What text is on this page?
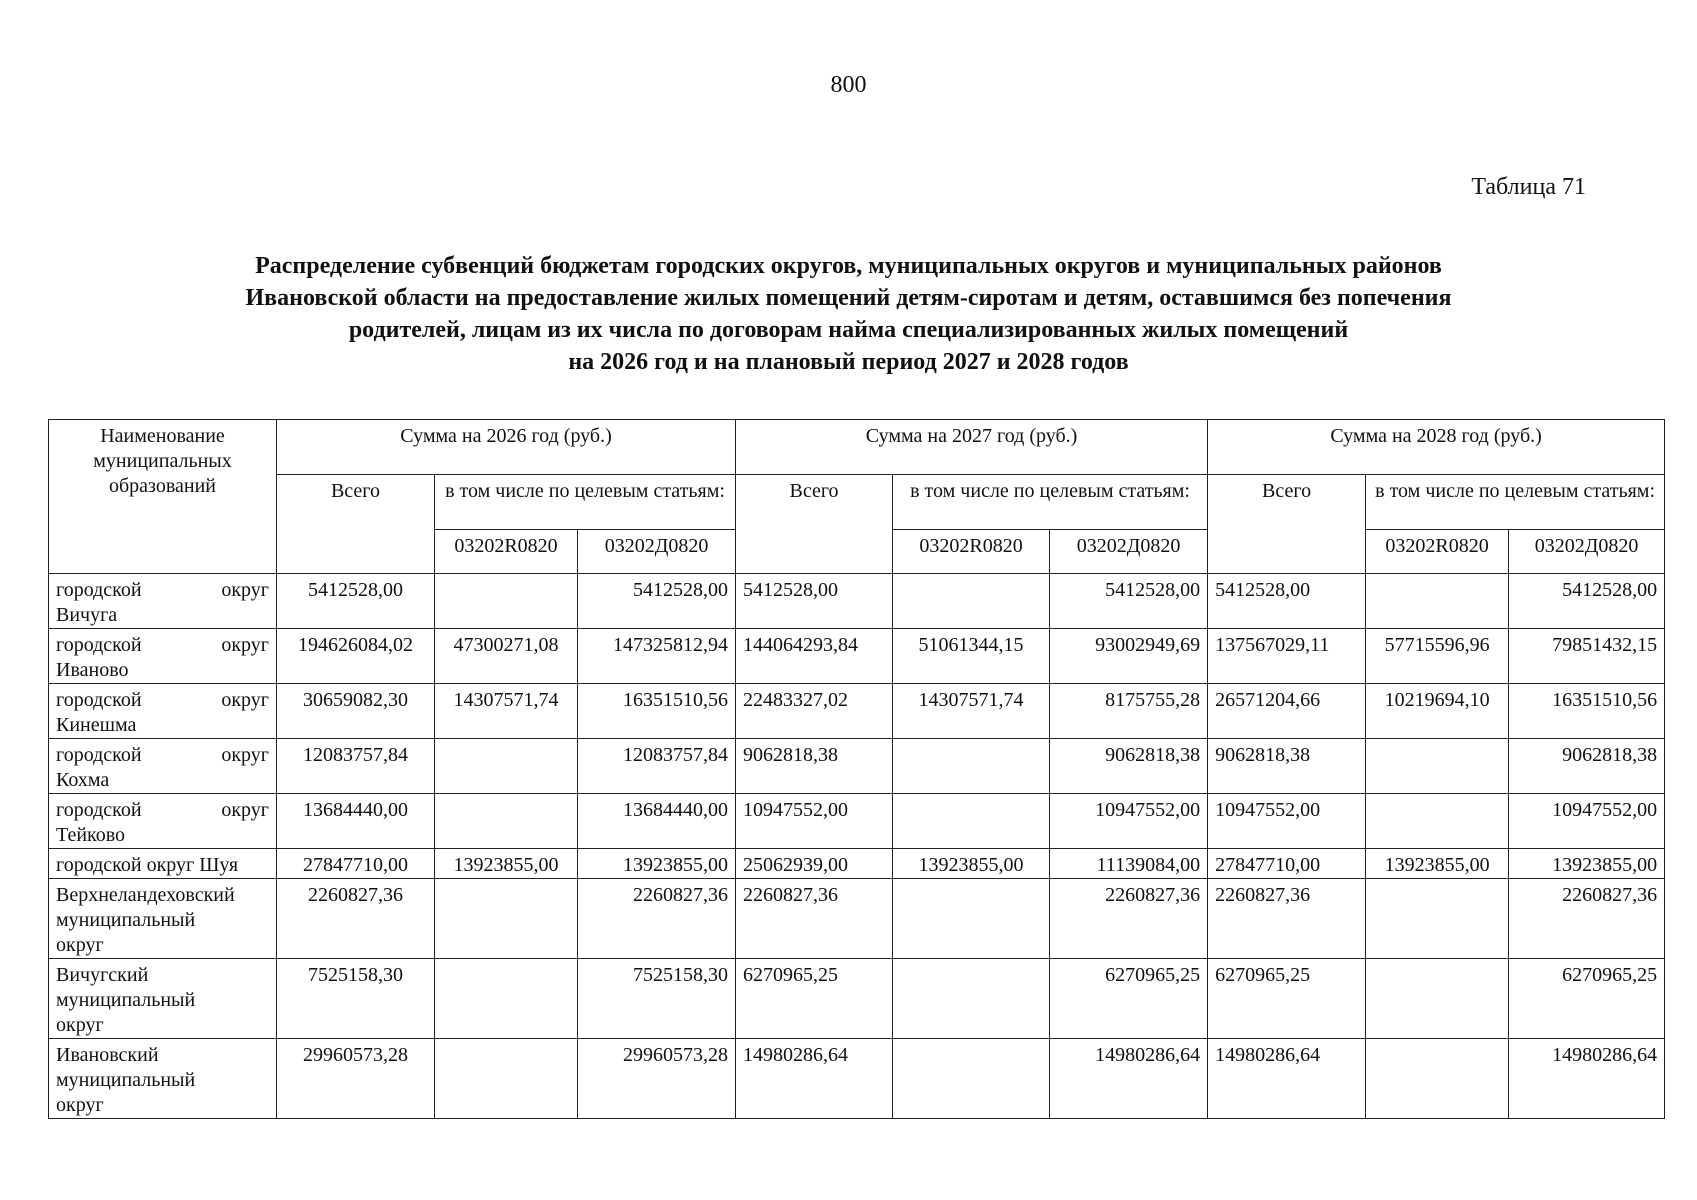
800
Таблица 71
Распределение субвенций бюджетам городских округов, муниципальных округов и муниципальных районов
Ивановской области на предоставление жилых помещений детям-сиротам и детям, оставшимся без попечения
родителей, лицам из их числа по договорам найма специализированных жилых помещений
на 2026 год и на плановый период 2027 и 2028 годов
Наименование муниципальных образований	Сумма на 2026 год (руб.)			Сумма на 2027 год (руб.)			Сумма на 2028 год (руб.)		
	Всего	в том числе по целевым статьям:		Всего	в том числе по целевым статьям:		Всего	в том числе по целевым статьям:	
		03202R0820	03202Д0820		03202R0820	03202Д0820		03202R0820	03202Д0820

городской округ
Вичуга	5412528,00		5412528,00	5412528,00		5412528,00	5412528,00		5412528,00

городской округ
Иваново	194626084,02	47300271,08	147325812,94	144064293,84	51061344,15	93002949,69	137567029,11	57715596,96	79851432,15

городской округ
Кинешма	30659082,30	14307571,74	16351510,56	22483327,02	14307571,74	8175755,28	26571204,66	10219694,10	16351510,56

городской округ
Кохма	12083757,84		12083757,84	9062818,38		9062818,38	9062818,38		9062818,38

городской округ
Тейково	13684440,00		13684440,00	10947552,00		10947552,00	10947552,00		10947552,00
городской округ Шуя	27847710,00	13923855,00	13923855,00	25062939,00	13923855,00	11139084,00	27847710,00	13923855,00	13923855,00

Верхнеландеховский
муниципальный
округ	2260827,36		2260827,36	2260827,36		2260827,36	2260827,36		2260827,36

Вичугский
муниципальный
округ	7525158,30		7525158,30	6270965,25		6270965,25	6270965,25		6270965,25

Ивановский
муниципальный
округ	29960573,28		29960573,28	14980286,64		14980286,64	14980286,64		14980286,64
